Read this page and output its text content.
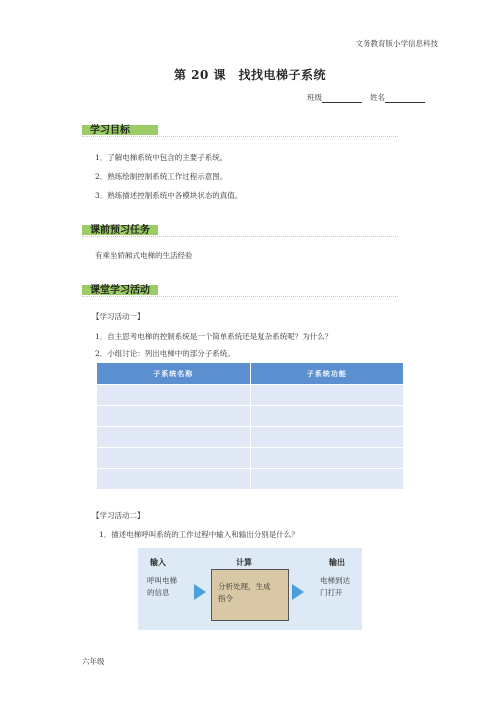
文务教育版小学信息科技
第 20 课　找找电梯子系统
班级	姓名
学习目标
1．了解电梯系统中包含的主要子系统。
2．熟练绘制控制系统工作过程示意图。
3．熟练描述控制系统中各模块状态的真值。
课前预习任务
有乘坐轿厢式电梯的生活经验
课堂学习活动
【学习活动一】
1．自主思考电梯的控制系统是一个简单系统还是复杂系统呢？为什么？
2．小组讨论：列出电梯中的部分子系统。
子系统名称	子系统功能

【学习活动二】
1．描述电梯呼叫系统的工作过程中输入和输出分别是什么？
输入
呼叫电梯
的信息
计算
分析处理，生成
指令
输出
电梯到达
门打开
六年级
